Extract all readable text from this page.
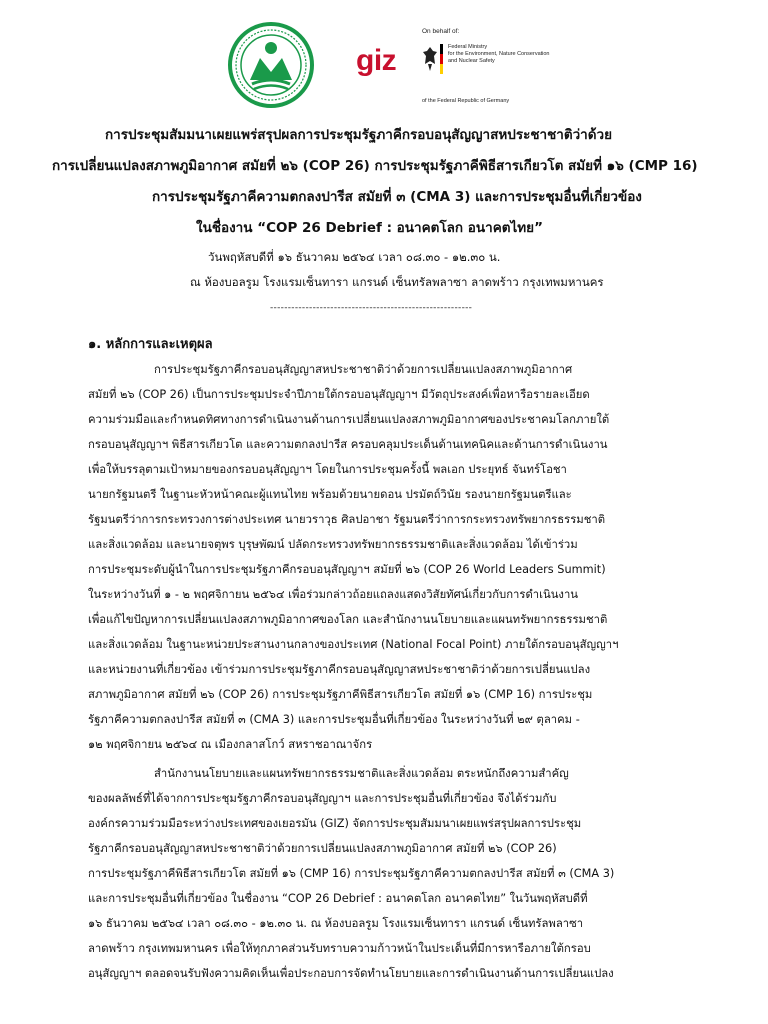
giz
On behalf of:
Federal Ministry
for the Environment, Nature Conservation
and Nuclear Safety
of the Federal Republic of Germany
การประชุมสัมมนาเผยแพร่สรุปผลการประชุมรัฐภาคีกรอบอนุสัญญาสหประชาชาติว่าด้วย
การเปลี่ยนแปลงสภาพภูมิอากาศ สมัยที่ ๒๖ (COP 26) การประชุมรัฐภาคีพิธีสารเกียวโต สมัยที่ ๑๖ (CMP 16)
การประชุมรัฐภาคีความตกลงปารีส สมัยที่ ๓ (CMA 3) และการประชุมอื่นที่เกี่ยวข้อง
ในชื่องาน “COP 26 Debrief : อนาคตโลก อนาคตไทย”
วันพฤหัสบดีที่ ๑๖ ธันวาคม ๒๕๖๔ เวลา ๐๘.๓๐ - ๑๒.๓๐ น.
ณ ห้องบอลรูม โรงแรมเซ็นทารา แกรนด์ เซ็นทรัลพลาซา ลาดพร้าว กรุงเทพมหานคร
---------------------------------------------------------
๑. หลักการและเหตุผล
การประชุมรัฐภาคีกรอบอนุสัญญาสหประชาชาติว่าด้วยการเปลี่ยนแปลงสภาพภูมิอากาศ
สมัยที่ ๒๖ (COP 26) เป็นการประชุมประจำปีภายใต้กรอบอนุสัญญาฯ มีวัตถุประสงค์เพื่อหารือรายละเอียด
ความร่วมมือและกำหนดทิศทางการดำเนินงานด้านการเปลี่ยนแปลงสภาพภูมิอากาศของประชาคมโลกภายใต้
กรอบอนุสัญญาฯ พิธีสารเกียวโต และความตกลงปารีส ครอบคลุมประเด็นด้านเทคนิคและด้านการดำเนินงาน
เพื่อให้บรรลุตามเป้าหมายของกรอบอนุสัญญาฯ โดยในการประชุมครั้งนี้ พลเอก ประยุทธ์ จันทร์โอชา
นายกรัฐมนตรี ในฐานะหัวหน้าคณะผู้แทนไทย พร้อมด้วยนายดอน ปรมัตถ์วินัย รองนายกรัฐมนตรีและ
รัฐมนตรีว่าการกระทรวงการต่างประเทศ นายวราวุธ ศิลปอาชา รัฐมนตรีว่าการกระทรวงทรัพยากรธรรมชาติ
และสิ่งแวดล้อม และนายจตุพร บุรุษพัฒน์ ปลัดกระทรวงทรัพยากรธรรมชาติและสิ่งแวดล้อม ได้เข้าร่วม
การประชุมระดับผู้นำในการประชุมรัฐภาคีกรอบอนุสัญญาฯ สมัยที่ ๒๖ (COP 26 World Leaders Summit)
ในระหว่างวันที่ ๑ - ๒ พฤศจิกายน ๒๕๖๔ เพื่อร่วมกล่าวถ้อยแถลงแสดงวิสัยทัศน์เกี่ยวกับการดำเนินงาน
เพื่อแก้ไขปัญหาการเปลี่ยนแปลงสภาพภูมิอากาศของโลก และสำนักงานนโยบายและแผนทรัพยากรธรรมชาติ
และสิ่งแวดล้อม ในฐานะหน่วยประสานงานกลางของประเทศ (National Focal Point) ภายใต้กรอบอนุสัญญาฯ
และหน่วยงานที่เกี่ยวข้อง เข้าร่วมการประชุมรัฐภาคีกรอบอนุสัญญาสหประชาชาติว่าด้วยการเปลี่ยนแปลง
สภาพภูมิอากาศ สมัยที่ ๒๖ (COP 26) การประชุมรัฐภาคีพิธีสารเกียวโต สมัยที่ ๑๖ (CMP 16) การประชุม
รัฐภาคีความตกลงปารีส สมัยที่ ๓ (CMA 3) และการประชุมอื่นที่เกี่ยวข้อง ในระหว่างวันที่ ๒๙ ตุลาคม -
๑๒ พฤศจิกายน ๒๕๖๔ ณ เมืองกลาสโกว์ สหราชอาณาจักร
สำนักงานนโยบายและแผนทรัพยากรธรรมชาติและสิ่งแวดล้อม ตระหนักถึงความสำคัญ
ของผลลัพธ์ที่ได้จากการประชุมรัฐภาคีกรอบอนุสัญญาฯ และการประชุมอื่นที่เกี่ยวข้อง จึงได้ร่วมกับ
องค์กรความร่วมมือระหว่างประเทศของเยอรมัน (GIZ) จัดการประชุมสัมมนาเผยแพร่สรุปผลการประชุม
รัฐภาคีกรอบอนุสัญญาสหประชาชาติว่าด้วยการเปลี่ยนแปลงสภาพภูมิอากาศ สมัยที่ ๒๖ (COP 26)
การประชุมรัฐภาคีพิธีสารเกียวโต สมัยที่ ๑๖ (CMP 16) การประชุมรัฐภาคีความตกลงปารีส สมัยที่ ๓ (CMA 3)
และการประชุมอื่นที่เกี่ยวข้อง ในชื่องาน “COP 26 Debrief : อนาคตโลก อนาคตไทย” ในวันพฤหัสบดีที่
๑๖ ธันวาคม ๒๕๖๔ เวลา ๐๘.๓๐ - ๑๒.๓๐ น. ณ ห้องบอลรูม โรงแรมเซ็นทารา แกรนด์ เซ็นทรัลพลาซา
ลาดพร้าว กรุงเทพมหานคร เพื่อให้ทุกภาคส่วนรับทราบความก้าวหน้าในประเด็นที่มีการหารือภายใต้กรอบ
อนุสัญญาฯ ตลอดจนรับฟังความคิดเห็นเพื่อประกอบการจัดทำนโยบายและการดำเนินงานด้านการเปลี่ยนแปลง
